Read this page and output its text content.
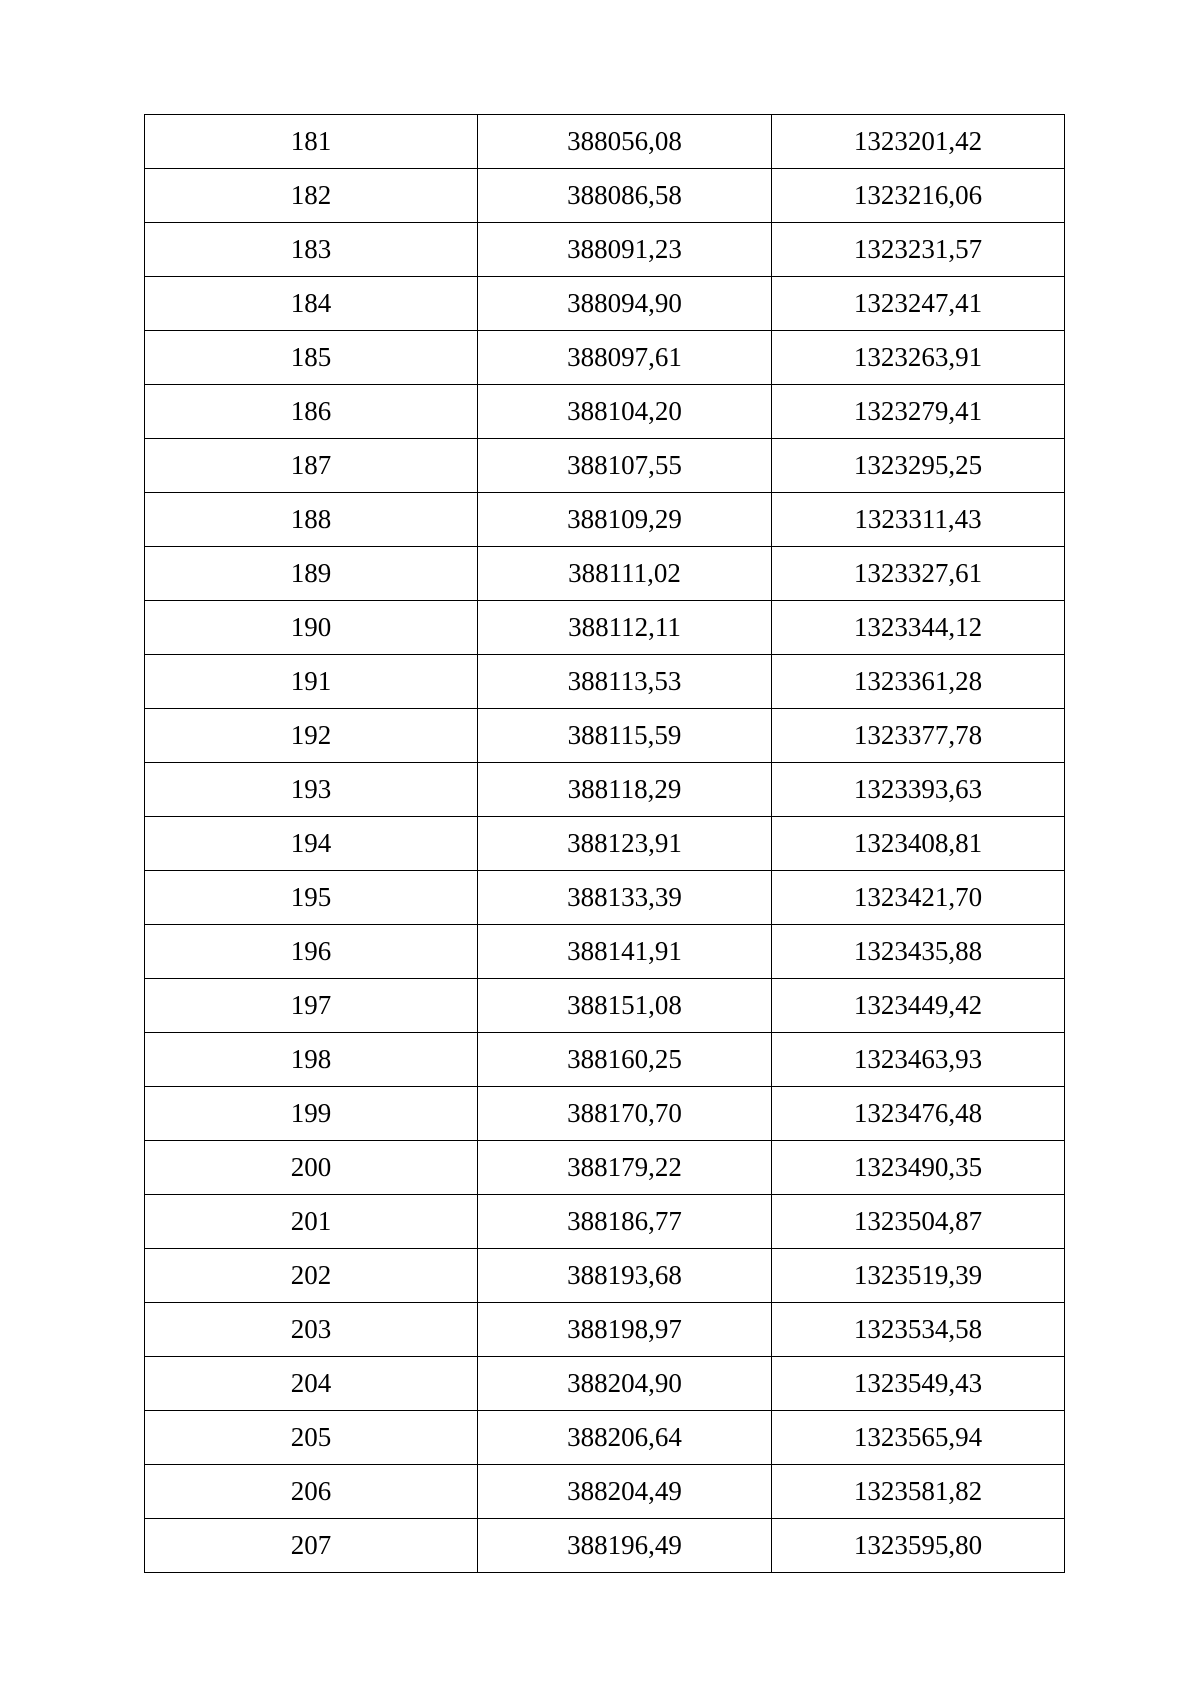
181	388056,08	1323201,42
182	388086,58	1323216,06
183	388091,23	1323231,57
184	388094,90	1323247,41
185	388097,61	1323263,91
186	388104,20	1323279,41
187	388107,55	1323295,25
188	388109,29	1323311,43
189	388111,02	1323327,61
190	388112,11	1323344,12
191	388113,53	1323361,28
192	388115,59	1323377,78
193	388118,29	1323393,63
194	388123,91	1323408,81
195	388133,39	1323421,70
196	388141,91	1323435,88
197	388151,08	1323449,42
198	388160,25	1323463,93
199	388170,70	1323476,48
200	388179,22	1323490,35
201	388186,77	1323504,87
202	388193,68	1323519,39
203	388198,97	1323534,58
204	388204,90	1323549,43
205	388206,64	1323565,94
206	388204,49	1323581,82
207	388196,49	1323595,80
